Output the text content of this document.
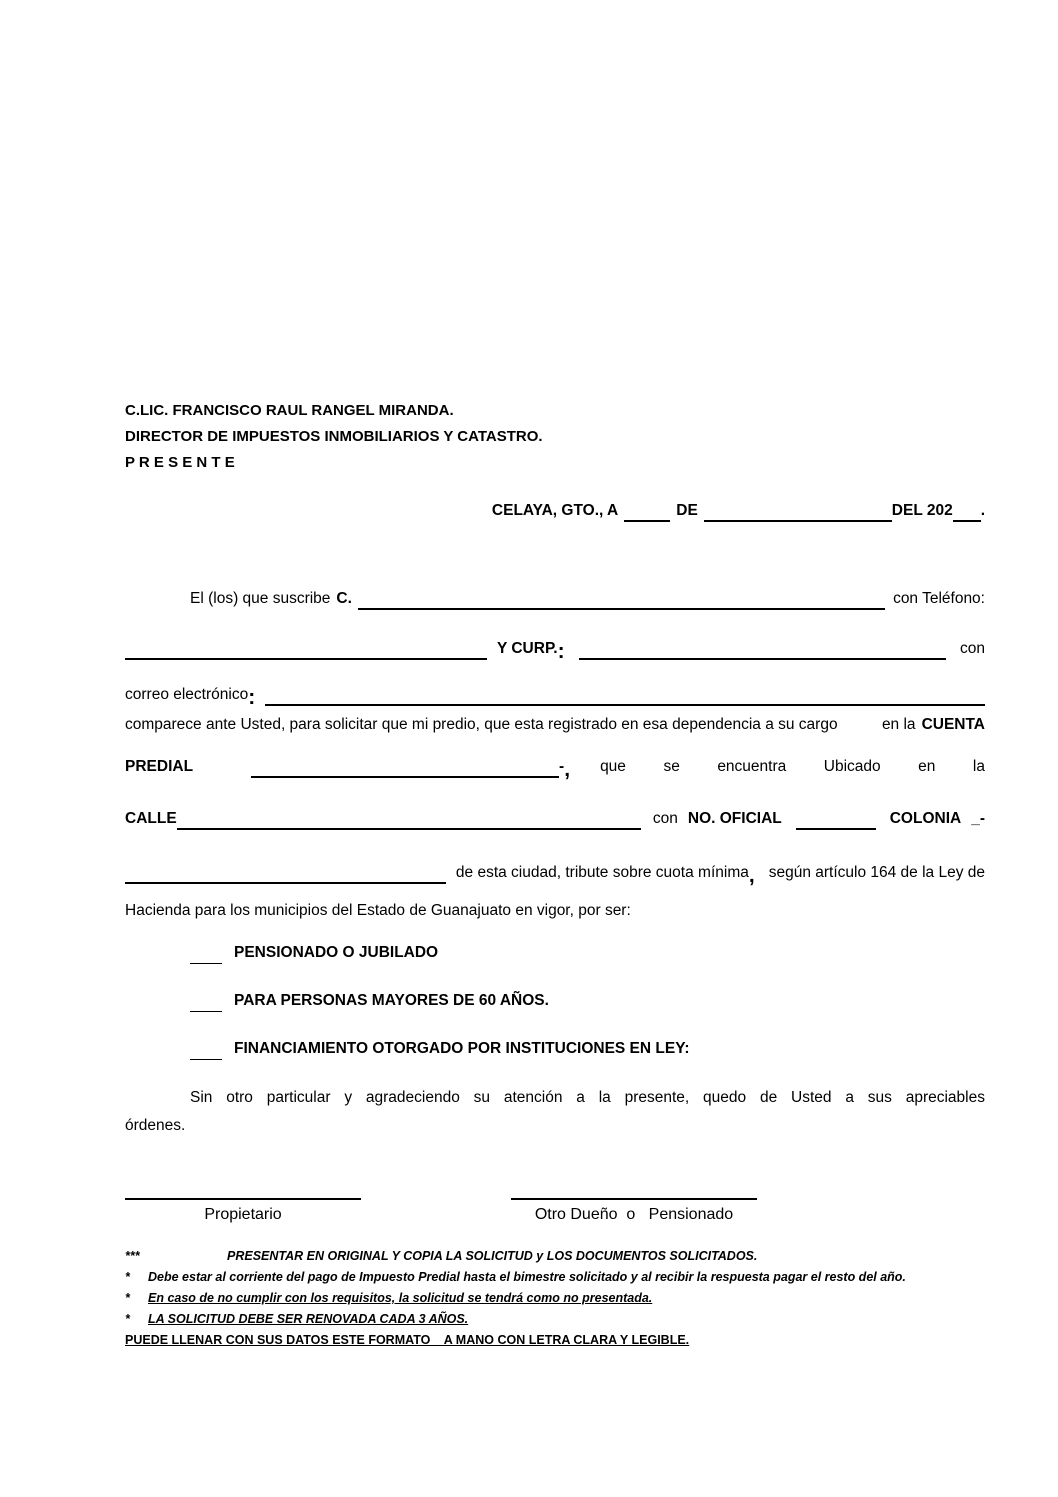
C.LIC. FRANCISCO RAUL RANGEL MIRANDA.
DIRECTOR DE IMPUESTOS INMOBILIARIOS Y CATASTRO.
P R E S E N T E
CELAYA, GTO., A	DE	DEL 202 .
El (los) que suscribe C.	con Teléfono:
Y CURP. :	con
correo electrónico :
comparece ante Usted, para solicitar que mi predio, que esta registrado en esa dependencia a su cargo	en la CUENTA
PREDIAL	- , que se encuentra Ubicado en la
CALLE	con NO. OFICIAL	COLONIA _-
de esta ciudad, tribute sobre cuota mínima , según artículo 164 de la Ley de
Hacienda para los municipios del Estado de Guanajuato en vigor, por ser:
PENSIONADO O JUBILADO
PARA PERSONAS MAYORES DE 60 AÑOS.
FINANCIAMIENTO OTORGADO POR INSTITUCIONES EN LEY:
Sin otro particular y agradeciendo su atención a la presente, quedo de Usted a sus apreciables
órdenes.
Propietario	Otro Dueño  o   Pensionado
***	PRESENTAR EN ORIGINAL Y COPIA LA SOLICITUD y LOS DOCUMENTOS SOLICITADOS.
*	Debe estar al corriente del pago de Impuesto Predial hasta el bimestre solicitado y al recibir la respuesta pagar el resto del año.
*	En caso de no cumplir con los requisitos, la solicitud se tendrá como no presentada.
*	LA SOLICITUD DEBE SER RENOVADA CADA 3 AÑOS.
PUEDE LLENAR CON SUS DATOS ESTE FORMATO    A MANO CON LETRA CLARA Y LEGIBLE.
